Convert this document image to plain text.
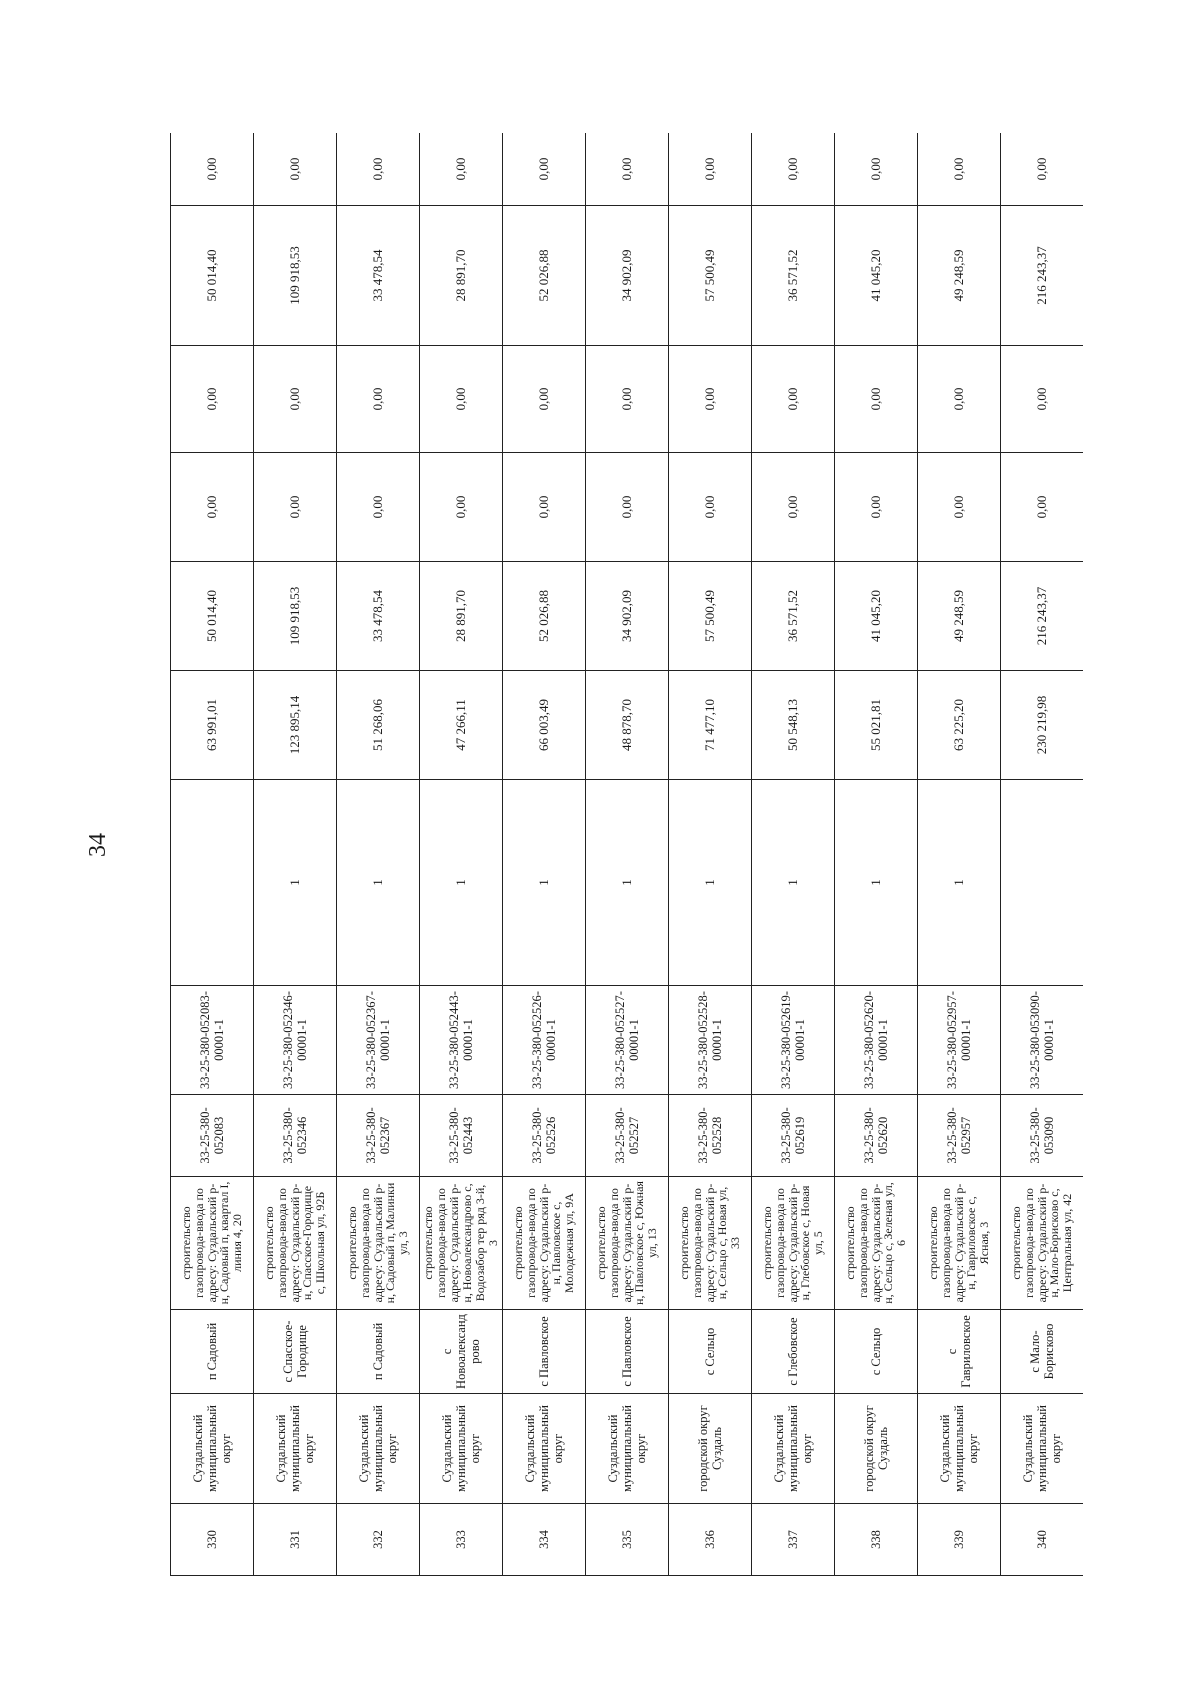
34
330	Суздальский муниципальный округ	п Садовый	строительство газопровода-ввода по адресу: Суздальский р-н, Садовый п, квартал I, линия 4, 20	33-25-380-052083	33-25-380-052083-00001-1		63 991,01	50 014,40	0,00	0,00	50 014,40	0,00
331	Суздальский муниципальный округ	с Спасское-Городище	строительство газопровода-ввода по адресу: Суздальский р-н, Спасское-Городище с, Школьная ул, 92Б	33-25-380-052346	33-25-380-052346-00001-1	1	123 895,14	109 918,53	0,00	0,00	109 918,53	0,00
332	Суздальский муниципальный округ	п Садовый	строительство газопровода-ввода по адресу: Суздальский р-н, Садовый п, Малинки ул, 3	33-25-380-052367	33-25-380-052367-00001-1	1	51 268,06	33 478,54	0,00	0,00	33 478,54	0,00
333	Суздальский муниципальный округ	с Новоалександрово	строительство газопровода-ввода по адресу: Суздальский р-н, Новоалександрово с, Водозабор тер ряд 3-й, 3	33-25-380-052443	33-25-380-052443-00001-1	1	47 266,11	28 891,70	0,00	0,00	28 891,70	0,00
334	Суздальский муниципальный округ	с Павловское	строительство газопровода-ввода по адресу: Суздальский р-н, Павловское с, Молодежная ул, 9А	33-25-380-052526	33-25-380-052526-00001-1	1	66 003,49	52 026,88	0,00	0,00	52 026,88	0,00
335	Суздальский муниципальный округ	с Павловское	строительство газопровода-ввода по адресу: Суздальский р-н, Павловское с, Южная ул, 13	33-25-380-052527	33-25-380-052527-00001-1	1	48 878,70	34 902,09	0,00	0,00	34 902,09	0,00
336	городской округ Суздаль	с Сельцо	строительство газопровода-ввода по адресу: Суздальский р-н, Сельцо с, Новая ул, 33	33-25-380-052528	33-25-380-052528-00001-1	1	71 477,10	57 500,49	0,00	0,00	57 500,49	0,00
337	Суздальский муниципальный округ	с Глебовское	строительство газопровода-ввода по адресу: Суздальский р-н, Глебовское с, Новая ул, 5	33-25-380-052619	33-25-380-052619-00001-1	1	50 548,13	36 571,52	0,00	0,00	36 571,52	0,00
338	городской округ Суздаль	с Сельцо	строительство газопровода-ввода по адресу: Суздальский р-н, Сельцо с, Зеленая ул, 6	33-25-380-052620	33-25-380-052620-00001-1	1	55 021,81	41 045,20	0,00	0,00	41 045,20	0,00
339	Суздальский муниципальный округ	с Гавриловское	строительство газопровода-ввода по адресу: Суздальский р-н, Гавриловское с, Ясная, 3	33-25-380-052957	33-25-380-052957-00001-1	1	63 225,20	49 248,59	0,00	0,00	49 248,59	0,00
340	Суздальский муниципальный округ	с Мало-Борисково	строительство газопровода-ввода по адресу: Суздальский р-н, Мало-Борисково с, Центральная ул, 42	33-25-380-053090	33-25-380-053090-00001-1		230 219,98	216 243,37	0,00	0,00	216 243,37	0,00
